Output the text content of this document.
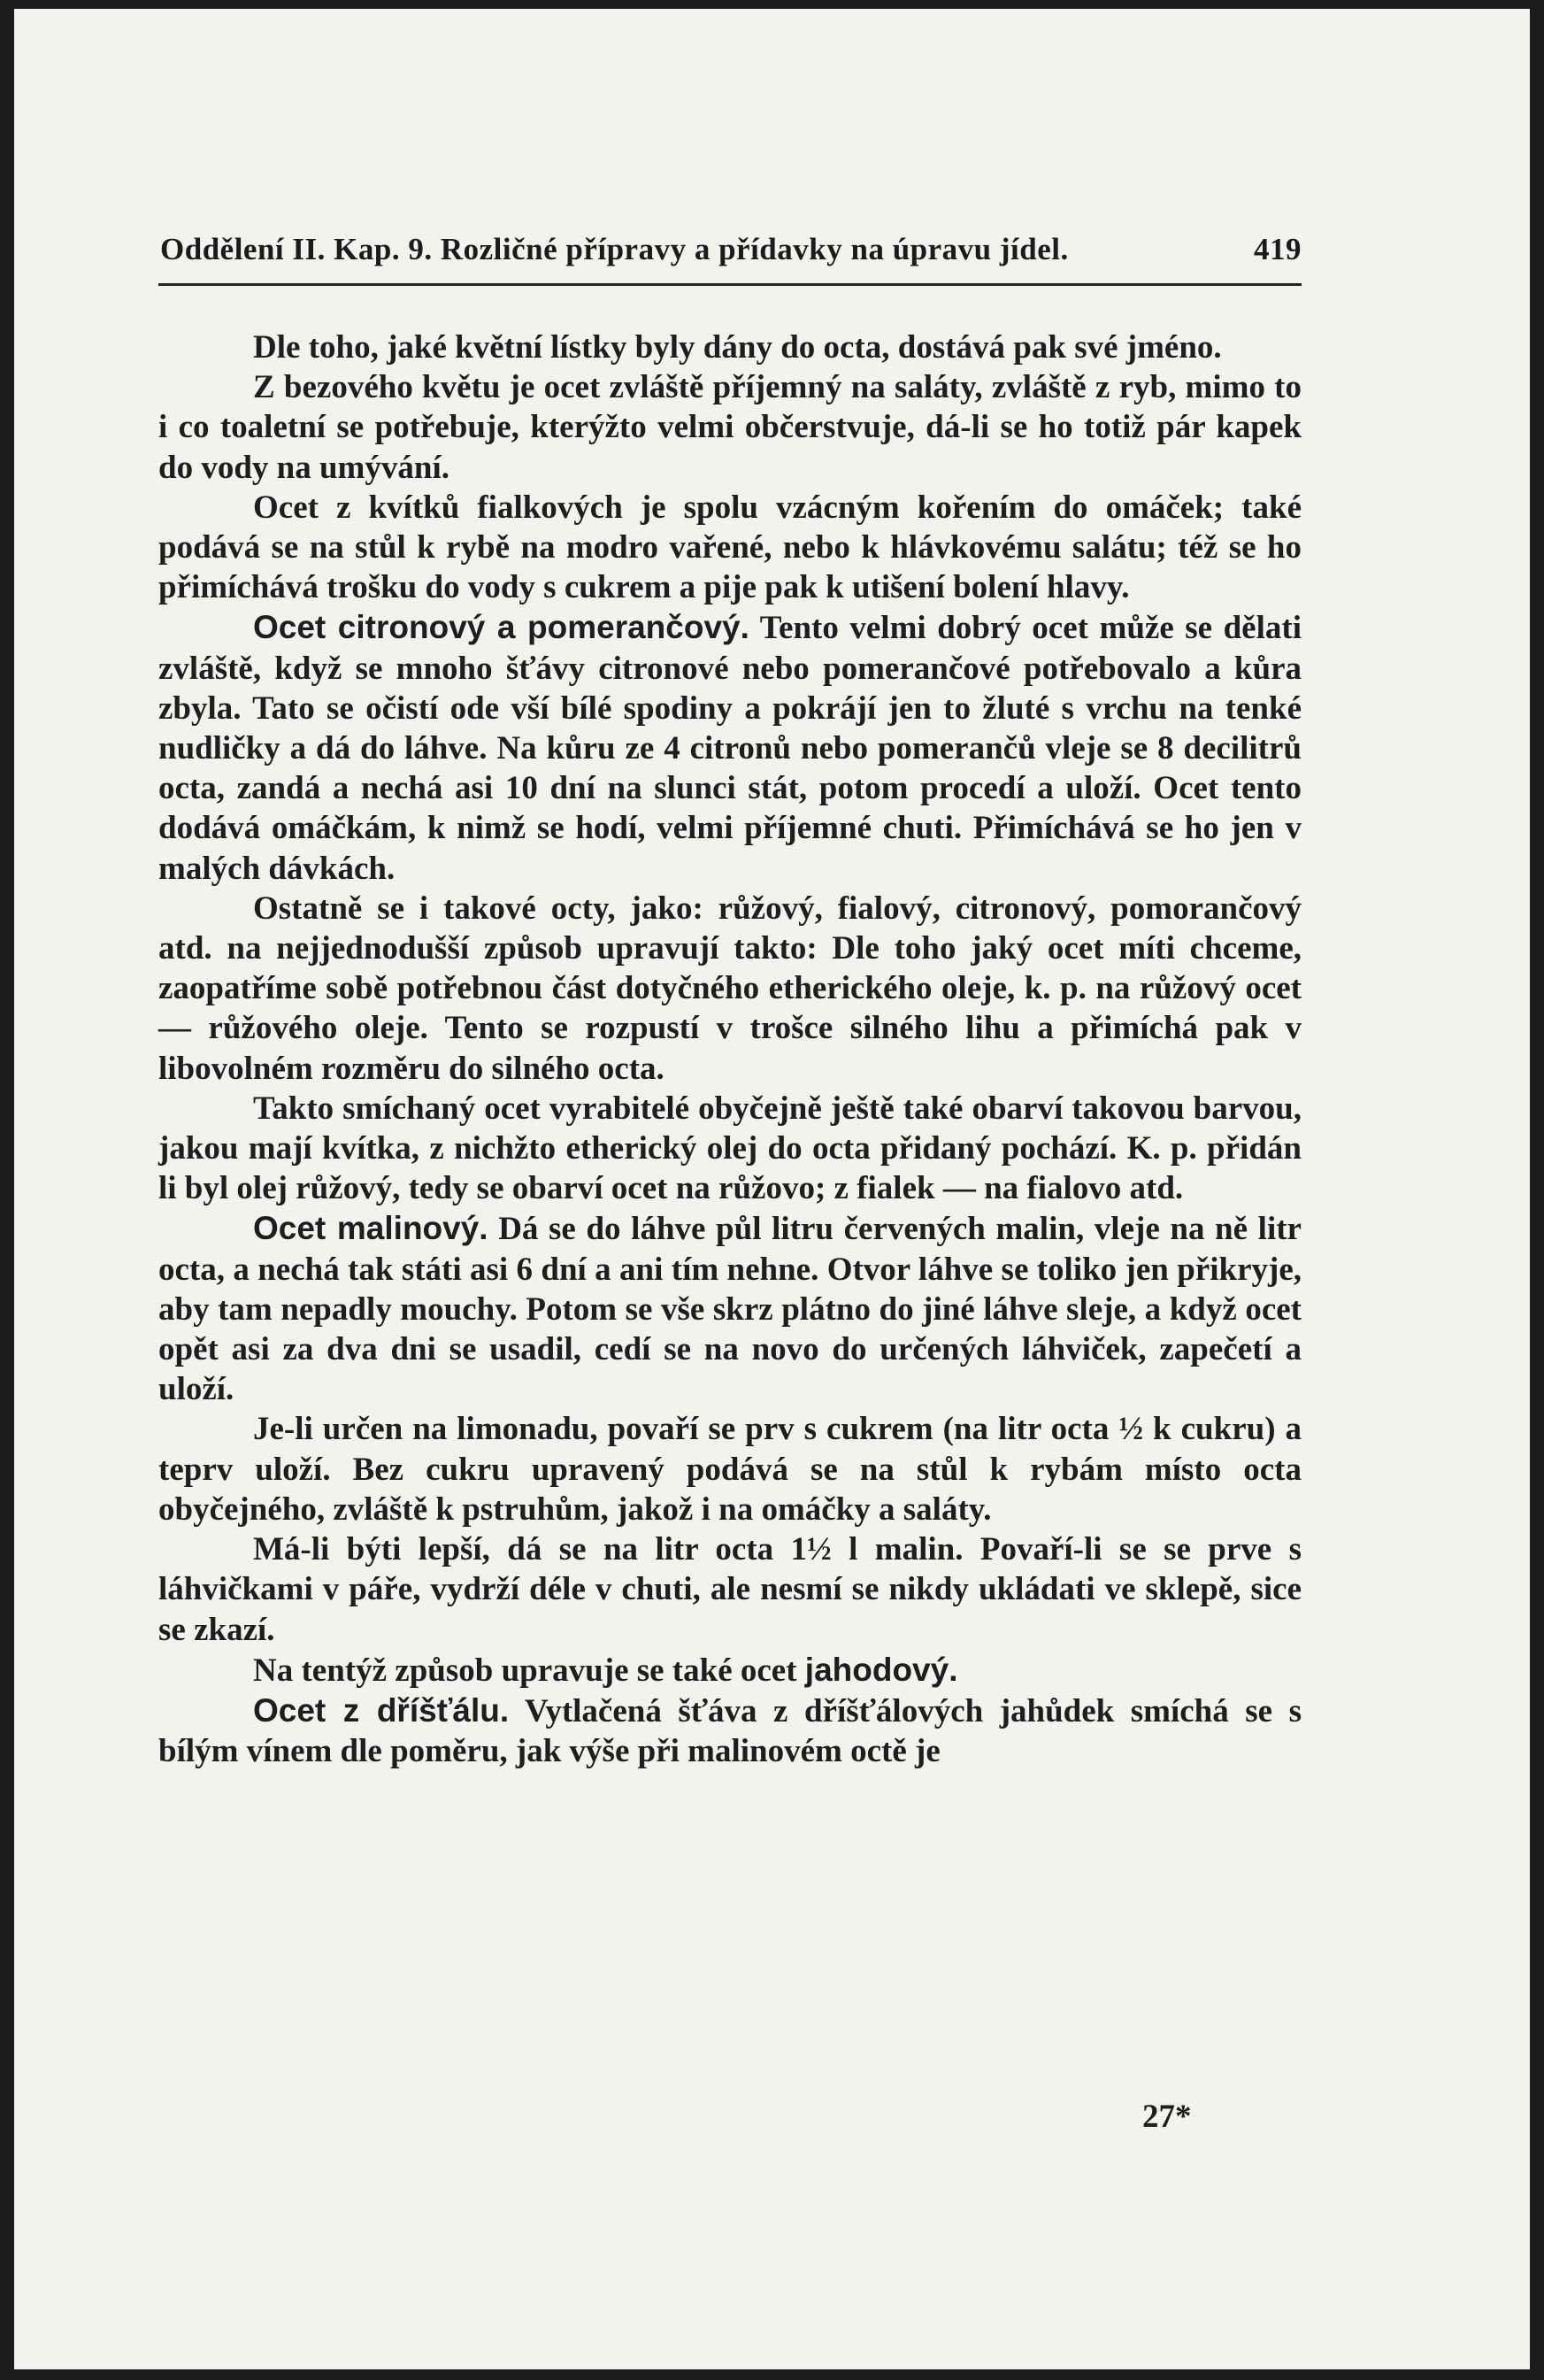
Oddělení II. Kap. 9. Rozličné přípravy a přídavky na úpravu jídel.	419

Dle toho, jaké květní lístky byly dány do octa, dostává pak své jméno.

Z bezového květu je ocet zvláště příjemný na saláty, zvláště z ryb, mimo to i co toaletní se potřebuje, kterýžto velmi občerstvuje, dá-li se ho totiž pár kapek do vody na umývání.

Ocet z kvítků fialkových je spolu vzácným kořením do omáček; také podává se na stůl k rybě na modro vařené, nebo k hlávkovému salátu; též se ho přimíchává trošku do vody s cukrem a pije pak k utišení bolení hlavy.

Ocet citronový a pomerančový. Tento velmi dobrý ocet může se dělati zvláště, když se mnoho šťávy citronové nebo pomerančové potřebovalo a kůra zbyla. Tato se očistí ode vší bílé spodiny a pokrájí jen to žluté s vrchu na tenké nudličky a dá do láhve. Na kůru ze 4 citronů nebo pomerančů vleje se 8 decilitrů octa, zandá a nechá asi 10 dní na slunci stát, potom procedí a uloží. Ocet tento dodává omáčkám, k nimž se hodí, velmi příjemné chuti. Přimíchává se ho jen v malých dávkách.

Ostatně se i takové octy, jako: růžový, fialový, citronový, pomorančový atd. na nejjednodušší způsob upravují takto: Dle toho jaký ocet míti chceme, zaopatříme sobě potřebnou část dotyčného etherického oleje, k. p. na růžový ocet — růžového oleje. Tento se rozpustí v trošce silného lihu a přimíchá pak v libovolném rozměru do silného octa.

Takto smíchaný ocet vyrabitelé obyčejně ještě také obarví takovou barvou, jakou mají kvítka, z nichžto etherický olej do octa přidaný pochází. K. p. přidán li byl olej růžový, tedy se obarví ocet na růžovo; z fialek — na fialovo atd.

Ocet malinový. Dá se do láhve půl litru červených malin, vleje na ně litr octa, a nechá tak státi asi 6 dní a ani tím nehne. Otvor láhve se toliko jen přikryje, aby tam nepadly mouchy. Potom se vše skrz plátno do jiné láhve sleje, a když ocet opět asi za dva dni se usadil, cedí se na novo do určených láhviček, zapečetí a uloží.

Je-li určen na limonadu, povaří se prv s cukrem (na litr octa ½ k cukru) a teprv uloží. Bez cukru upravený podává se na stůl k rybám místo octa obyčejného, zvláště k pstruhům, jakož i na omáčky a saláty.

Má-li býti lepší, dá se na litr octa 1½ l malin. Povaří-li se se prve s láhvičkami v páře, vydrží déle v chuti, ale nesmí se nikdy ukládati ve sklepě, sice se zkazí.

Na tentýž způsob upravuje se také ocet jahodový.

Ocet z dříšťálu. Vytlačená šťáva z dříšťálových jahůdek smíchá se s bílým vínem dle poměru, jak výše při malinovém octě je

27*
